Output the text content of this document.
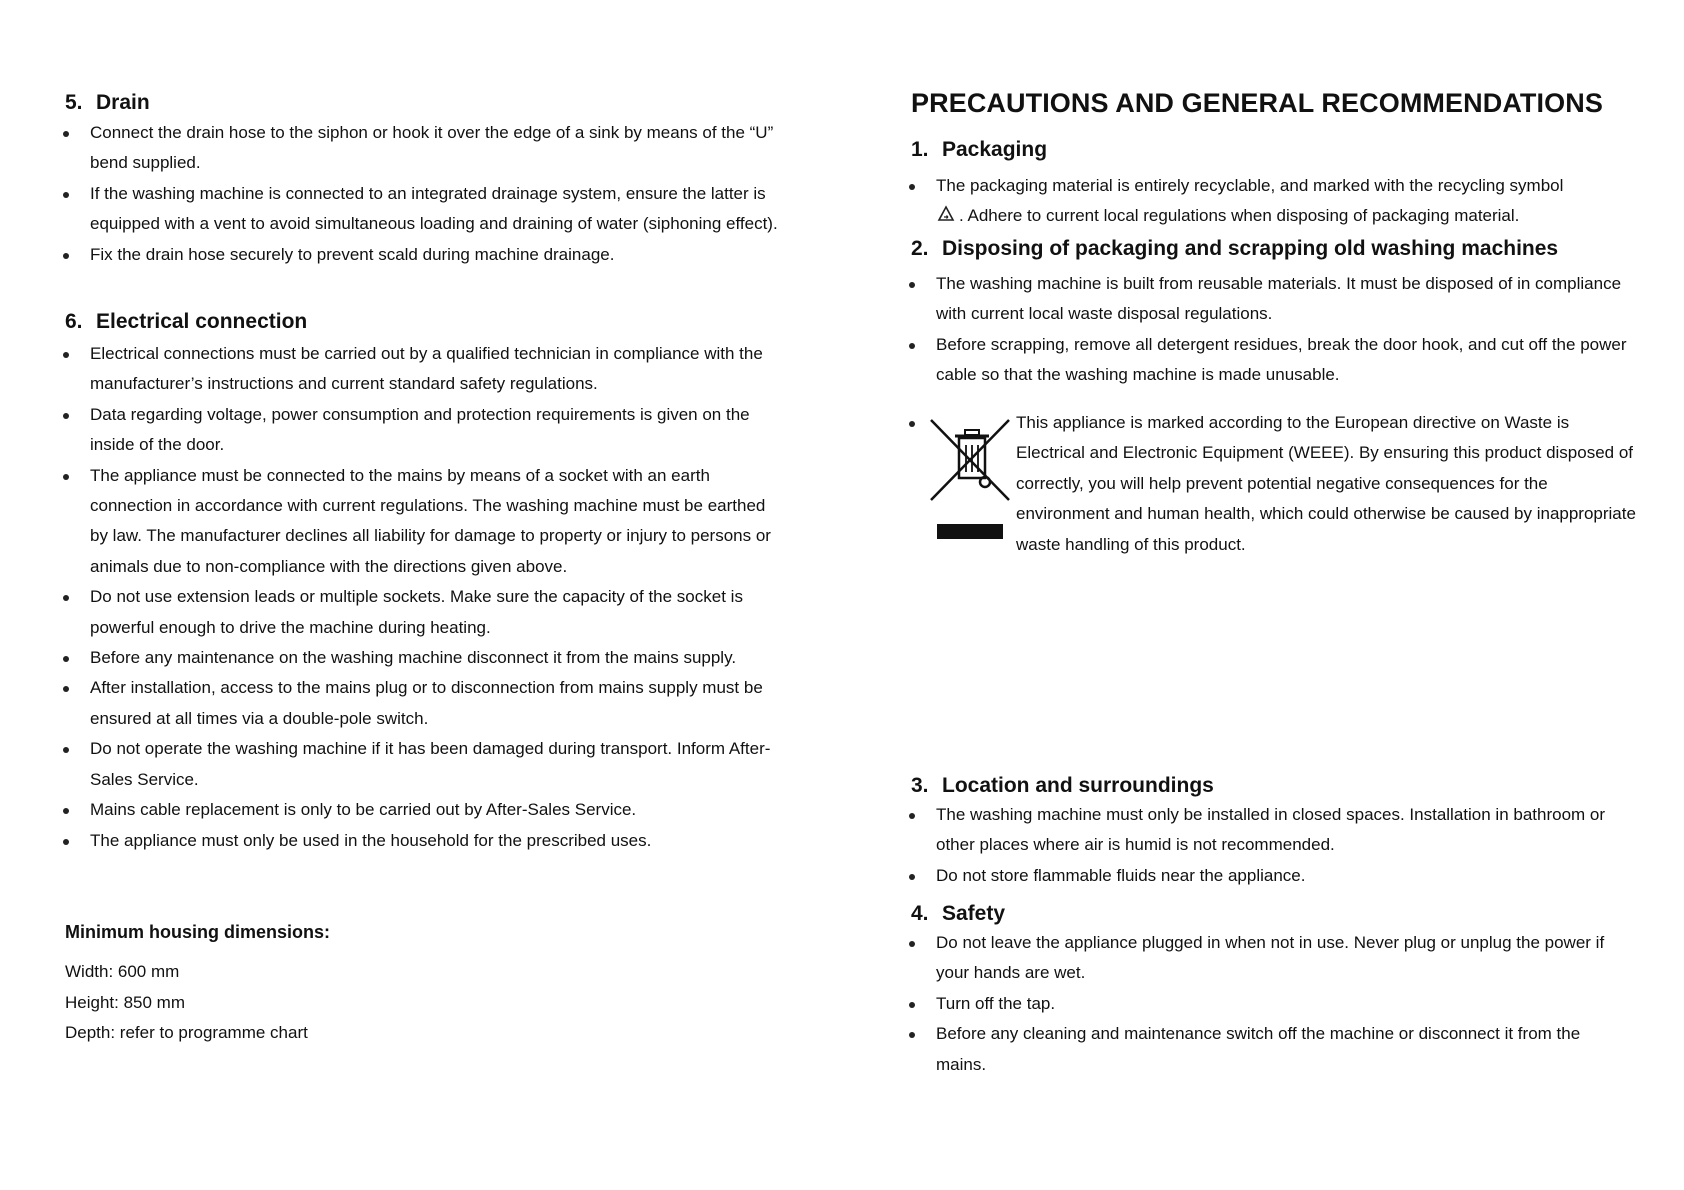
5. Drain
Connect the drain hose to the siphon or hook it over the edge of a sink by means of the “U” bend supplied.
If the washing machine is connected to an integrated drainage system, ensure the latter is equipped with a vent to avoid simultaneous loading and draining of water (siphoning effect).
Fix the drain hose securely to prevent scald during machine drainage.
6. Electrical connection
Electrical connections must be carried out by a qualified technician in compliance with the manufacturer’s instructions and current standard safety regulations.
Data regarding voltage, power consumption and protection requirements is given on the inside of the door.
The appliance must be connected to the mains by means of a socket with an earth connection in accordance with current regulations. The washing machine must be earthed by law. The manufacturer declines all liability for damage to property or injury to persons or animals due to non-compliance with the directions given above.
Do not use extension leads or multiple sockets. Make sure the capacity of the socket is powerful enough to drive the machine during heating.
Before any maintenance on the washing machine disconnect it from the mains supply.
After installation, access to the mains plug or to disconnection from mains supply must be ensured at all times via a double-pole switch.
Do not operate the washing machine if it has been damaged during transport. Inform After-Sales Service.
Mains cable replacement is only to be carried out by After-Sales Service.
The appliance must only be used in the household for the prescribed uses.
Minimum housing dimensions:

Width: 600 mm

Height: 850 mm

Depth: refer to programme chart

PRECAUTIONS AND GENERAL RECOMMENDATIONS
1. Packaging
The packaging material is entirely recyclable, and marked with the recycling symbol
. Adhere to current local regulations when disposing of packaging material.
2. Disposing of packaging and scrapping old washing machines
The washing machine is built from reusable materials. It must be disposed of in compliance with current local waste disposal regulations.
Before scrapping, remove all detergent residues, break the door hook, and cut off the power cable so that the washing machine is made unusable.
This appliance is marked according to the European directive on Waste is Electrical and Electronic Equipment (WEEE). By ensuring this product disposed of correctly, you will help prevent potential negative consequences for the environment and human health, which could otherwise be caused by inappropriate waste handling of this product.
3. Location and surroundings
The washing machine must only be installed in closed spaces. Installation in bathroom or other places where air is humid is not recommended.
Do not store flammable fluids near the appliance.
4. Safety
Do not leave the appliance plugged in when not in use. Never plug or unplug the power if your hands are wet.
Turn off the tap.
Before any cleaning and maintenance switch off the machine or disconnect it from the mains.
